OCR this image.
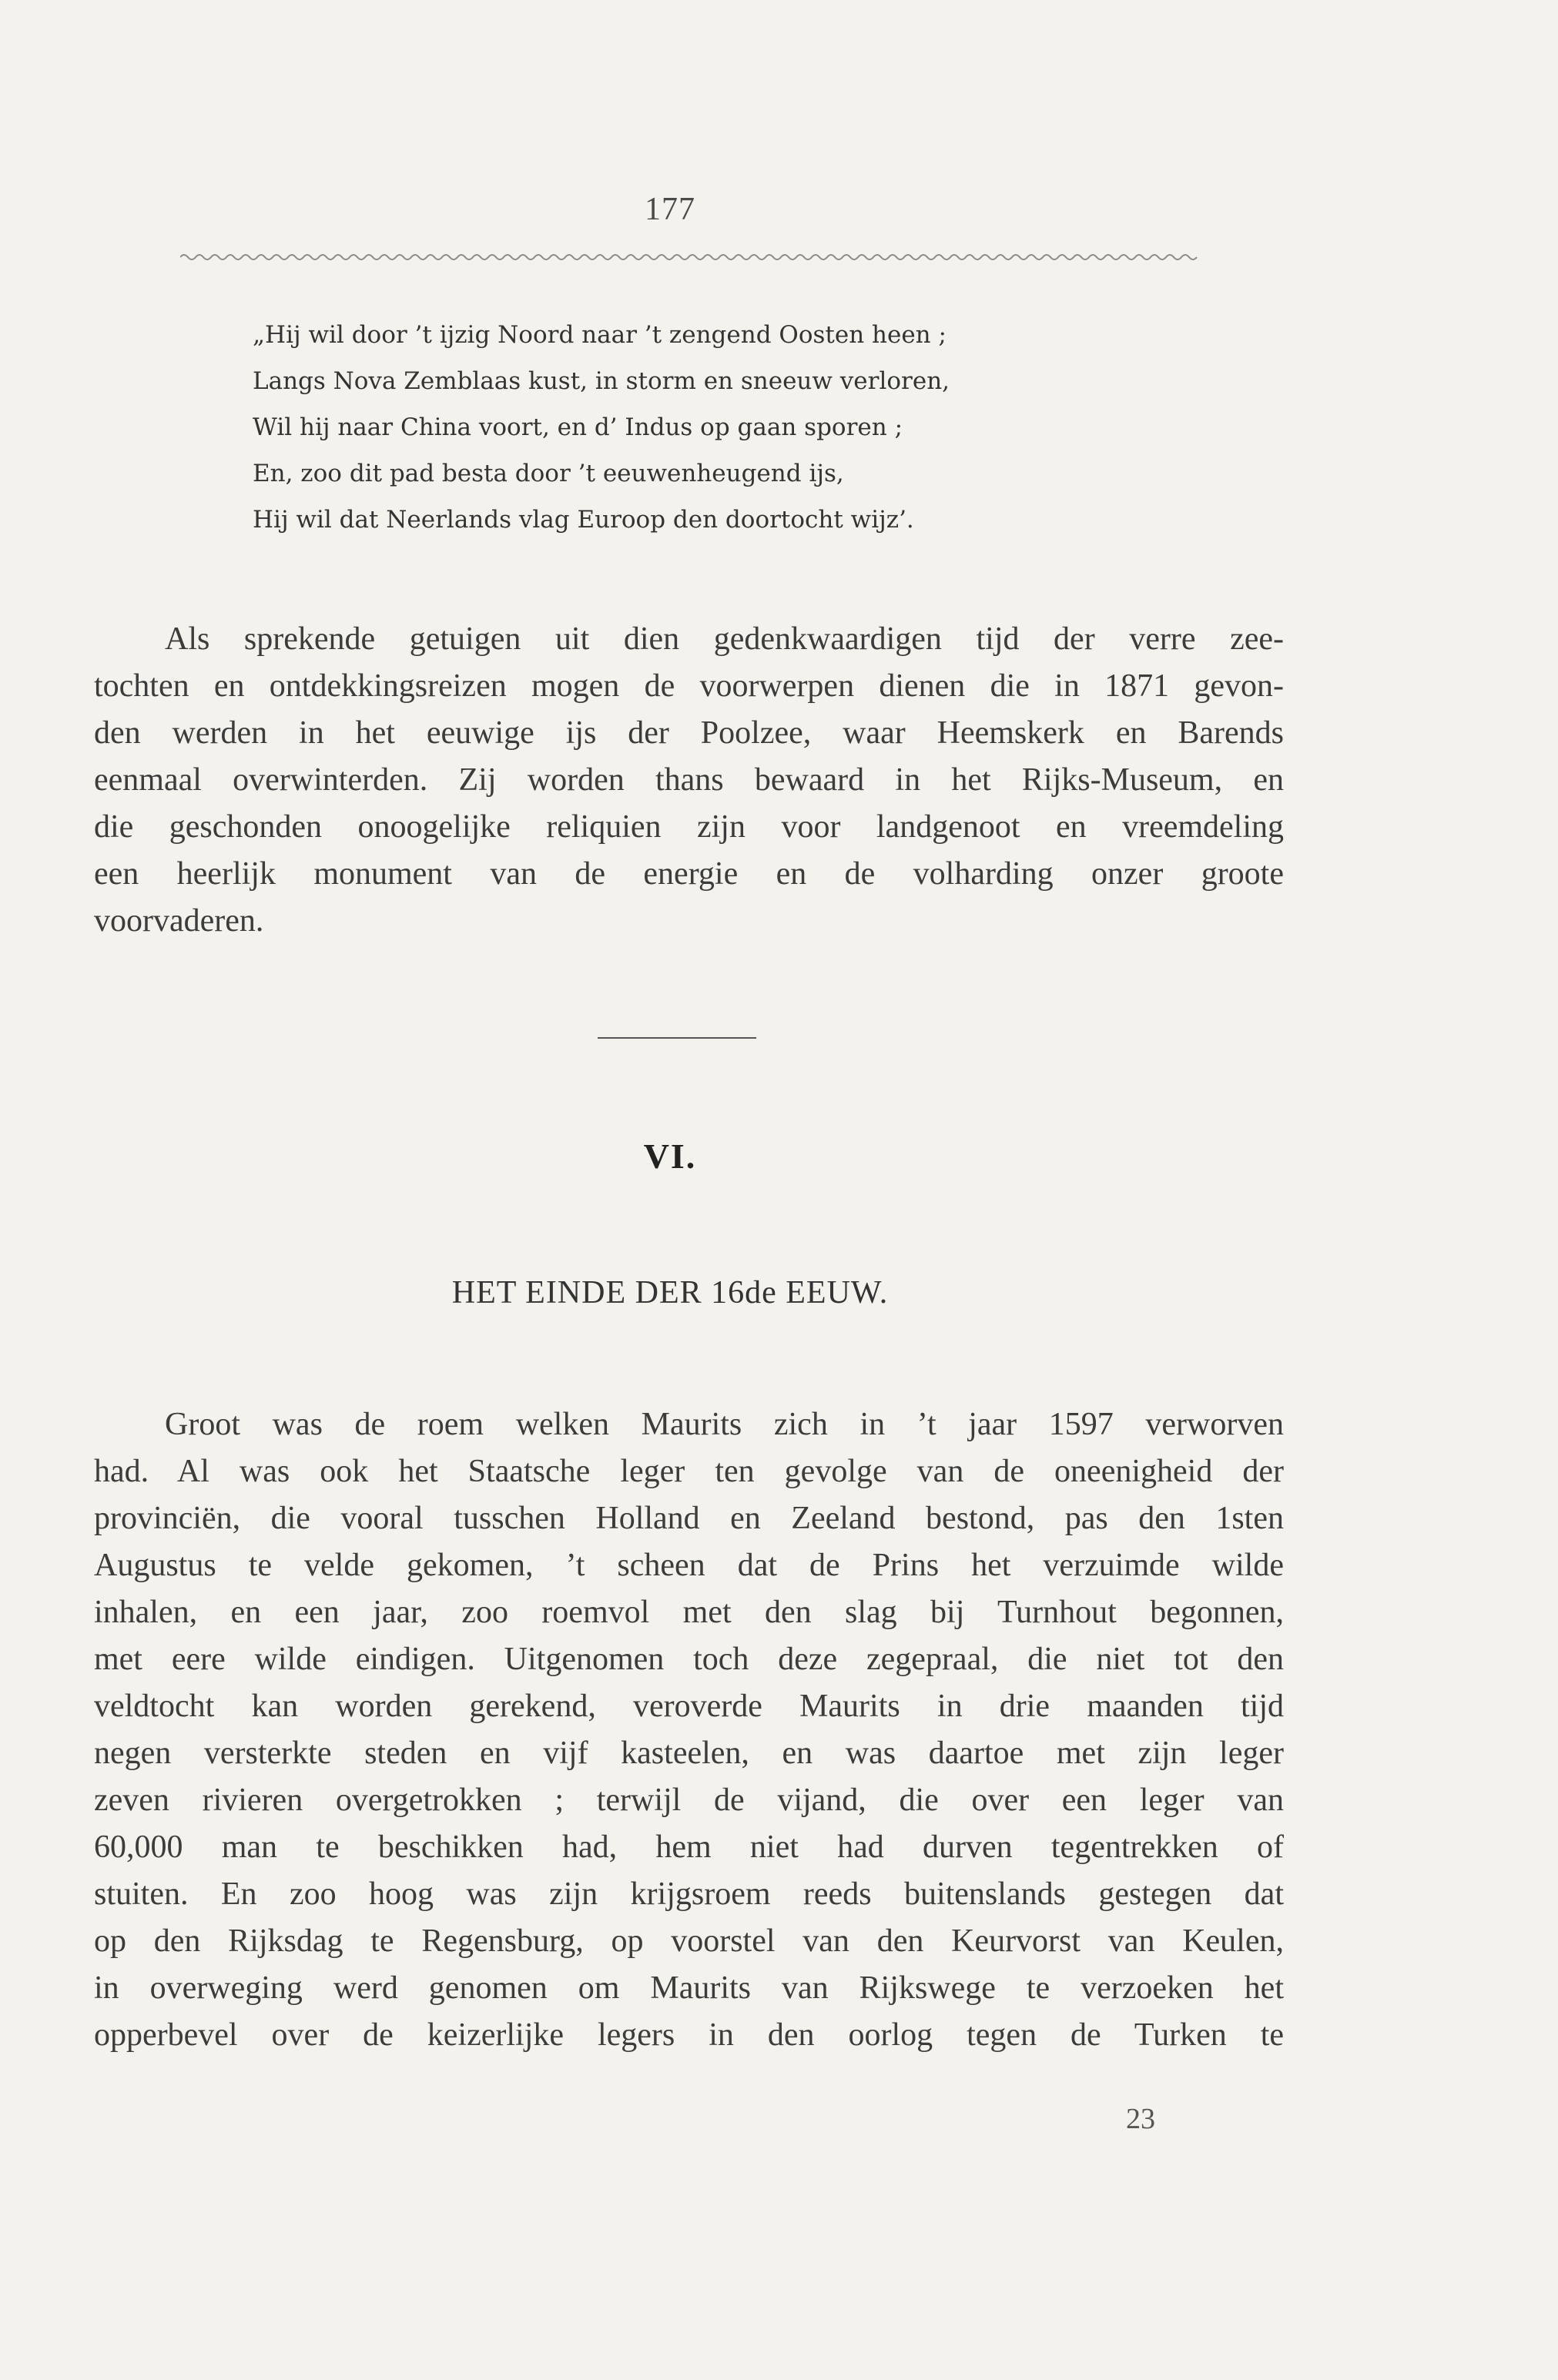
177
„Hij wil door ’t ijzig Noord naar ’t zengend Oosten heen ;
Langs Nova Zemblaas kust, in storm en sneeuw verloren,
Wil hij naar China voort, en d’ Indus op gaan sporen ;
En, zoo dit pad besta door ’t eeuwenheugend ijs,
Hij wil dat Neerlands vlag Euroop den doortocht wijz’.
Als sprekende getuigen uit dien gedenkwaardigen tijd der verre zee-
tochten en ontdekkingsreizen mogen de voorwerpen dienen die in 1871 gevon-
den werden in het eeuwige ijs der Poolzee, waar Heemskerk en Barends
eenmaal overwinterden. Zij worden thans bewaard in het Rijks-Museum, en
die geschonden onoogelijke reliquien zijn voor landgenoot en vreemdeling
een heerlijk monument van de energie en de volharding onzer groote
voorvaderen.
VI.
HET EINDE DER 16de EEUW.
Groot was de roem welken Maurits zich in ’t jaar 1597 verworven
had. Al was ook het Staatsche leger ten gevolge van de oneenigheid der
provinciën, die vooral tusschen Holland en Zeeland bestond, pas den 1sten
Augustus te velde gekomen, ’t scheen dat de Prins het verzuimde wilde
inhalen, en een jaar, zoo roemvol met den slag bij Turnhout begonnen,
met eere wilde eindigen. Uitgenomen toch deze zegepraal, die niet tot den
veldtocht kan worden gerekend, veroverde Maurits in drie maanden tijd
negen versterkte steden en vijf kasteelen, en was daartoe met zijn leger
zeven rivieren overgetrokken ; terwijl de vijand, die over een leger van
60,000 man te beschikken had, hem niet had durven tegentrekken of
stuiten. En zoo hoog was zijn krijgsroem reeds buitenslands gestegen dat
op den Rijksdag te Regensburg, op voorstel van den Keurvorst van Keulen,
in overweging werd genomen om Maurits van Rijkswege te verzoeken het
opperbevel over de keizerlijke legers in den oorlog tegen de Turken te
23
